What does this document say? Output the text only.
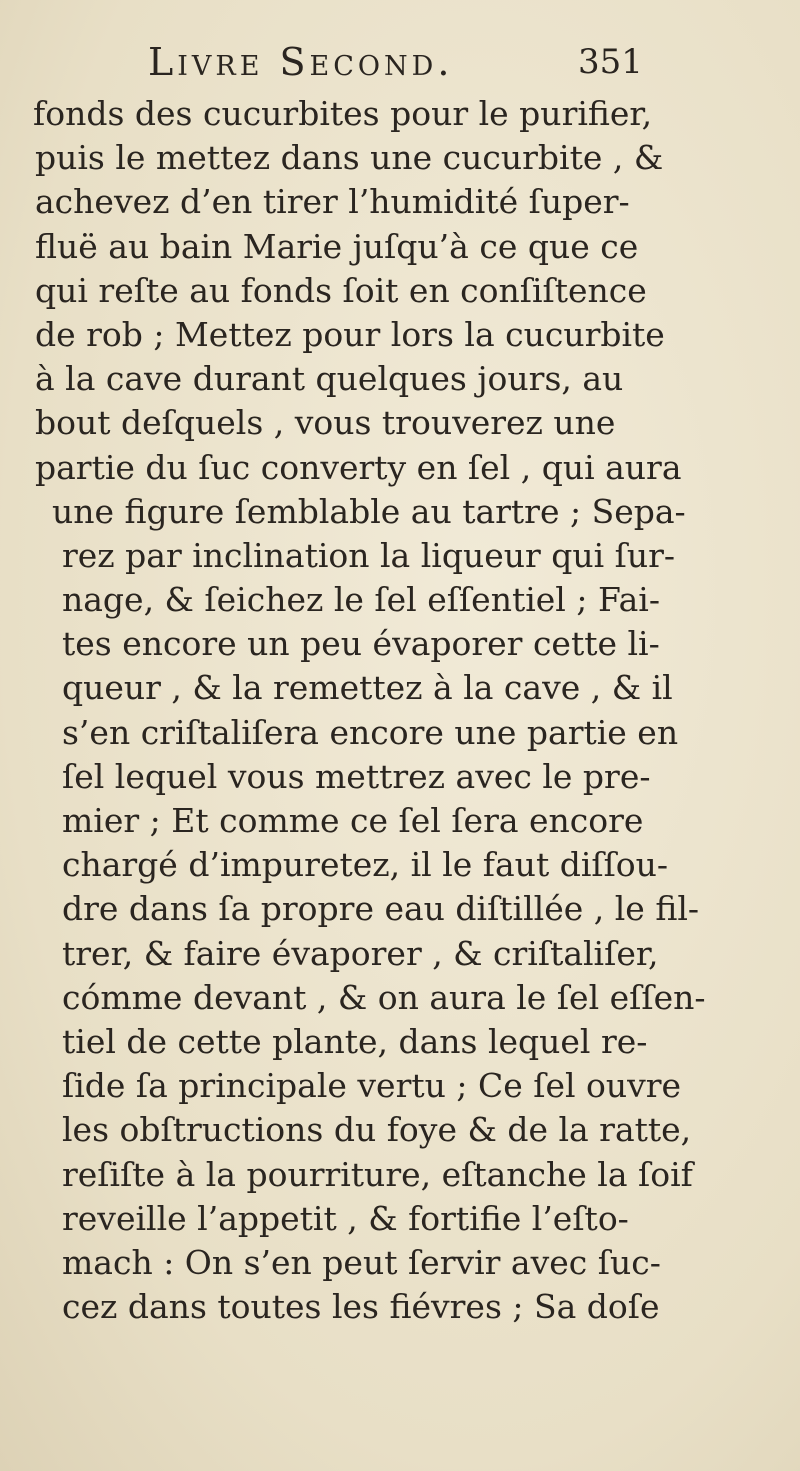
Livre Second.	351
fonds des cucurbites pour le purifier,
puis le mettez dans une cucurbite , &
achevez d’en tirer l’humidité ſuper-
fluë au bain Marie juſqu’à ce que ce
qui reſte au fonds ſoit en conſiſtence
de rob ; Mettez pour lors la cucurbite
à la cave durant quelques jours, au
bout deſquels , vous trouverez une
partie du ſuc converty en ſel , qui aura
une figure ſemblable au tartre ; Sepa-
rez par inclination la liqueur qui ſur-
nage, & ſeichez le ſel eſſentiel ; Fai-
tes encore un peu évaporer cette li-
queur , & la remettez à la cave , & il
s’en criſtaliſera encore une partie en
ſel lequel vous mettrez avec le pre-
mier ; Et comme ce ſel ſera encore
chargé d’impuretez, il le faut diſſou-
dre dans ſa propre eau diſtillée , le fil-
trer, & faire évaporer , & criſtaliſer,
cómme devant , & on aura le ſel eſſen-
tiel de cette plante, dans lequel re-
ſide ſa principale vertu ; Ce ſel ouvre
les obſtructions du foye & de la ratte,
reſiſte à la pourriture, eſtanche la ſoif
reveille l’appetit , & fortifie l’eſto-
mach : On s’en peut ſervir avec ſuc-
cez dans toutes les fiévres ; Sa doſe
